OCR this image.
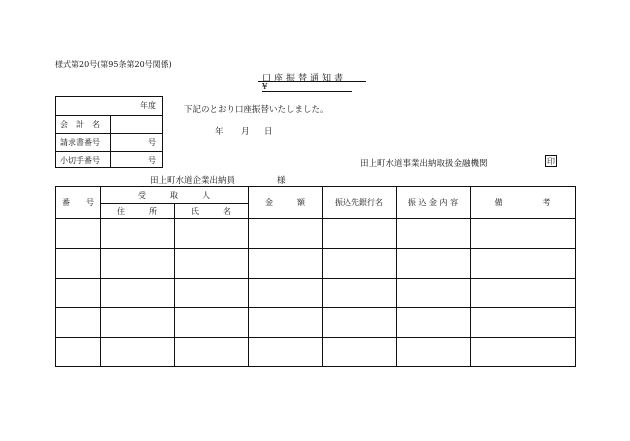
様式第20号(第95条第20号関係)
口座振替通知書
¥
年度
会　計　名
請求書番号	号
小切手番号	号
下記のとおり口座振替いたしました。
年 月 日
田上町水道事業出納取扱金融機関	印
田上町水道企業出納員	様
番　　号
受　　　取　　　人
住　　　所	氏　　　名
金　　　額	振込先銀行名	振 込 金 内 容	備　　　　　考
